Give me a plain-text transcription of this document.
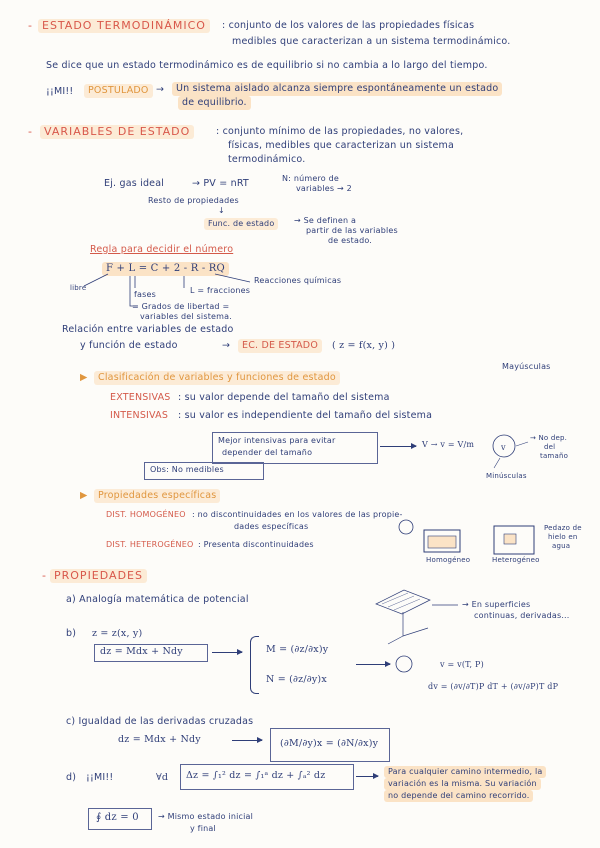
- ESTADO TERMODINÁMICO	: conjunto de los valores de las propiedades físicas
medibles que caracterizan a un sistema termodinámico.
Se dice que un estado termodinámico es de equilibrio si no cambia a lo largo del tiempo.
¡¡MI!!	POSTULADO →	Un sistema aislado alcanza siempre espontáneamente un estado
de equilibrio.
-	VARIABLES DE ESTADO	: conjunto mínimo de las propiedades, no valores,
físicas, medibles que caracterizan un sistema
termodinámico.
Ej. gas ideal	→ PV = nRT	N: número de
variables → 2
Resto de propiedades
↓
Func. de estado	→ Se definen a
partir de las variables
de estado.
Regla para decidir el número
F + L = C + 2 - R - RQ
libre
Reacciones químicas
L = fracciones
fases
= Grados de libertad =
variables del sistema.
Relación entre variables de estado
y función de estado	→	EC. DE ESTADO	( z = f(x, y) )
▶	Clasificación de variables y funciones de estado
Mayúsculas
EXTENSIVAS : su valor depende del tamaño del sistema
INTENSIVAS : su valor es independiente del tamaño del sistema
Mejor intensivas para evitar
depender del tamaño
V → v = V/m	v
→ No dep.
del
tamaño
Minúsculas
Obs: No medibles
▶	Propiedades específicas
DIST. HOMOGÉNEO : no discontinuidades en los valores de las propie-
dades específicas
DIST. HETEROGÉNEO : Presenta discontinuidades
Homogéneo	Heterogéneo
Pedazo de
hielo en
agua
- PROPIEDADES
a) Analogía matemática de potencial	→ En superficies
continuas, derivadas...
b) z = z(x, y)
dz = Mdx + Ndy	M = (∂z/∂x)y
N = (∂z/∂y)x
v = v(T, P)
dv = (∂v/∂T)P dT + (∂v/∂P)T dP
c) Igualdad de las derivadas cruzadas
dz = Mdx + Ndy	(∂M/∂y)x = (∂N/∂x)y
d) ¡¡MI!!	∀d Δz = ∫₁² dz = ∫₁ᵃ dz + ∫ₐ² dz	Para cualquier camino intermedio, la
variación es la misma. Su variación
no depende del camino recorrido.
∮ dz = 0 → Mismo estado inicial
y final
